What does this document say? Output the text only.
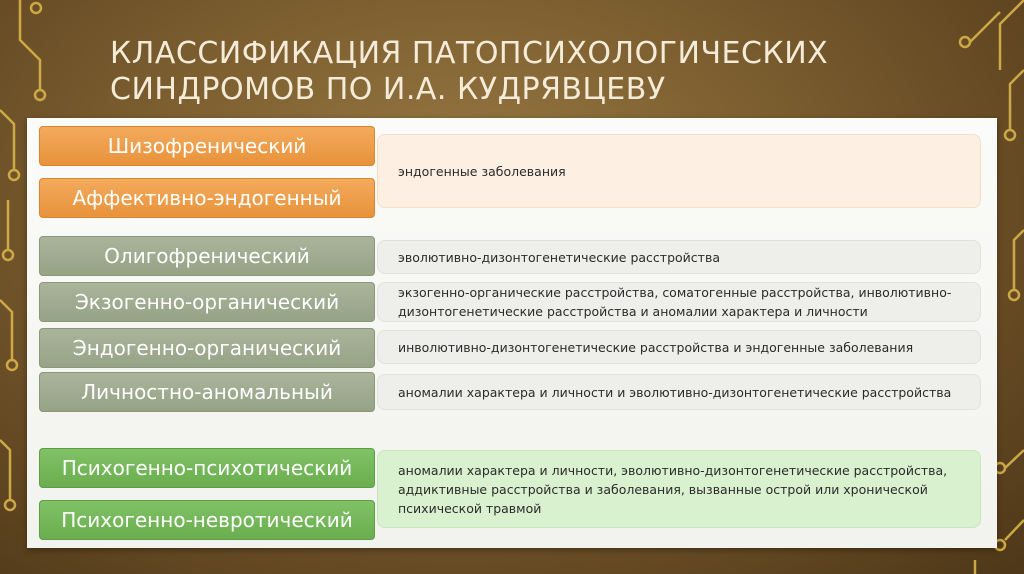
КЛАССИФИКАЦИЯ ПАТОПСИХОЛОГИЧЕСКИХ
СИНДРОМОВ ПО И.А. КУДРЯВЦЕВУ
эндогенные заболевания
Шизофренический
Аффективно-эндогенный
эволютивно-дизонтогенетические расстройства
Олигофренический
экзогенно-органические расстройства, соматогенные расстройства, инволютивно-дизонтогенетические расстройства и аномалии характера и личности
Экзогенно-органический
инволютивно-дизонтогенетические расстройства и эндогенные заболевания
Эндогенно-органический
аномалии характера и личности и эволютивно-дизонтогенетические расстройства
Личностно-аномальный
аномалии характера и личности, эволютивно-дизонтогенетические расстройства, аддиктивные расстройства и заболевания, вызванные острой или хронической психической травмой
Психогенно-психотический
Психогенно-невротический
